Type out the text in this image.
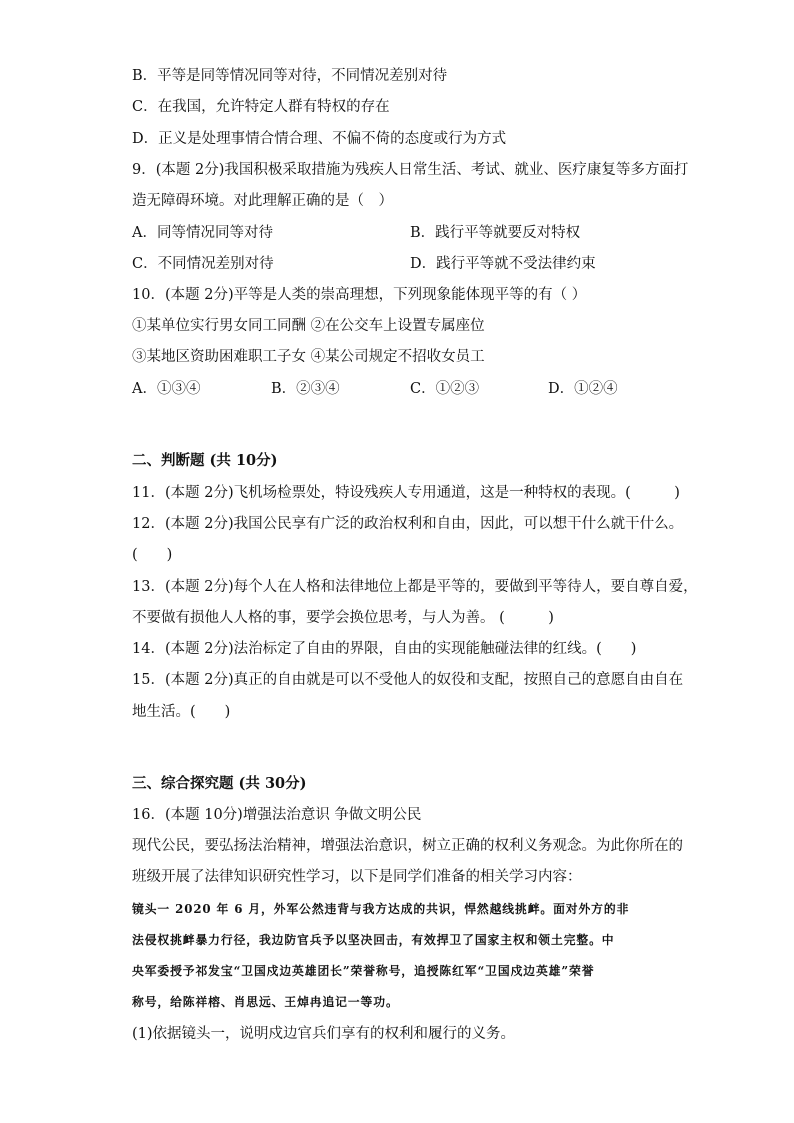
B．平等是同等情况同等对待，不同情况差别对待
C．在我国，允许特定人群有特权的存在
D．正义是处理事情合情合理、不偏不倚的态度或行为方式
9．(本题 2分)我国积极采取措施为残疾人日常生活、考试、就业、医疗康复等多方面打
造无障碍环境。对此理解正确的是（　）
A．同等情况同等对待	B．践行平等就要反对特权
C．不同情况差别对待	D．践行平等就不受法律约束
10．(本题 2分)平等是人类的崇高理想，下列现象能体现平等的有（ ）
①某单位实行男女同工同酬 ②在公交车上设置专属座位
③某地区资助困难职工子女 ④某公司规定不招收女员工
A．①③④	B．②③④	C．①②③	D．①②④
二、判断题 (共 10分)
11．(本题 2分)飞机场检票处，特设残疾人专用通道，这是一种特权的表现。(　　　)
12．(本题 2分)我国公民享有广泛的政治权利和自由，因此，可以想干什么就干什么。
(　　)
13．(本题 2分)每个人在人格和法律地位上都是平等的，要做到平等待人，要自尊自爱，
不要做有损他人人格的事，要学会换位思考，与人为善。 (　　　)
14．(本题 2分)法治标定了自由的界限，自由的实现能触碰法律的红线。(　　)
15．(本题 2分)真正的自由就是可以不受他人的奴役和支配，按照自己的意愿自由自在
地生活。(　　)
三、综合探究题 (共 30分)
16．(本题 10分)增强法治意识 争做文明公民
现代公民，要弘扬法治精神，增强法治意识，树立正确的权利义务观念。为此你所在的
班级开展了法律知识研究性学习，以下是同学们准备的相关学习内容：
镜头一 2020 年 6 月，外军公然违背与我方达成的共识，悍然越线挑衅。面对外方的非
法侵权挑衅暴力行径，我边防官兵予以坚决回击，有效捍卫了国家主权和领土完整。中
央军委授予祁发宝“卫国戍边英雄团长”荣誉称号，追授陈红军“卫国戍边英雄”荣誉
称号，给陈祥榕、肖思远、王焯冉追记一等功。
(1)依据镜头一，说明戍边官兵们享有的权利和履行的义务。
